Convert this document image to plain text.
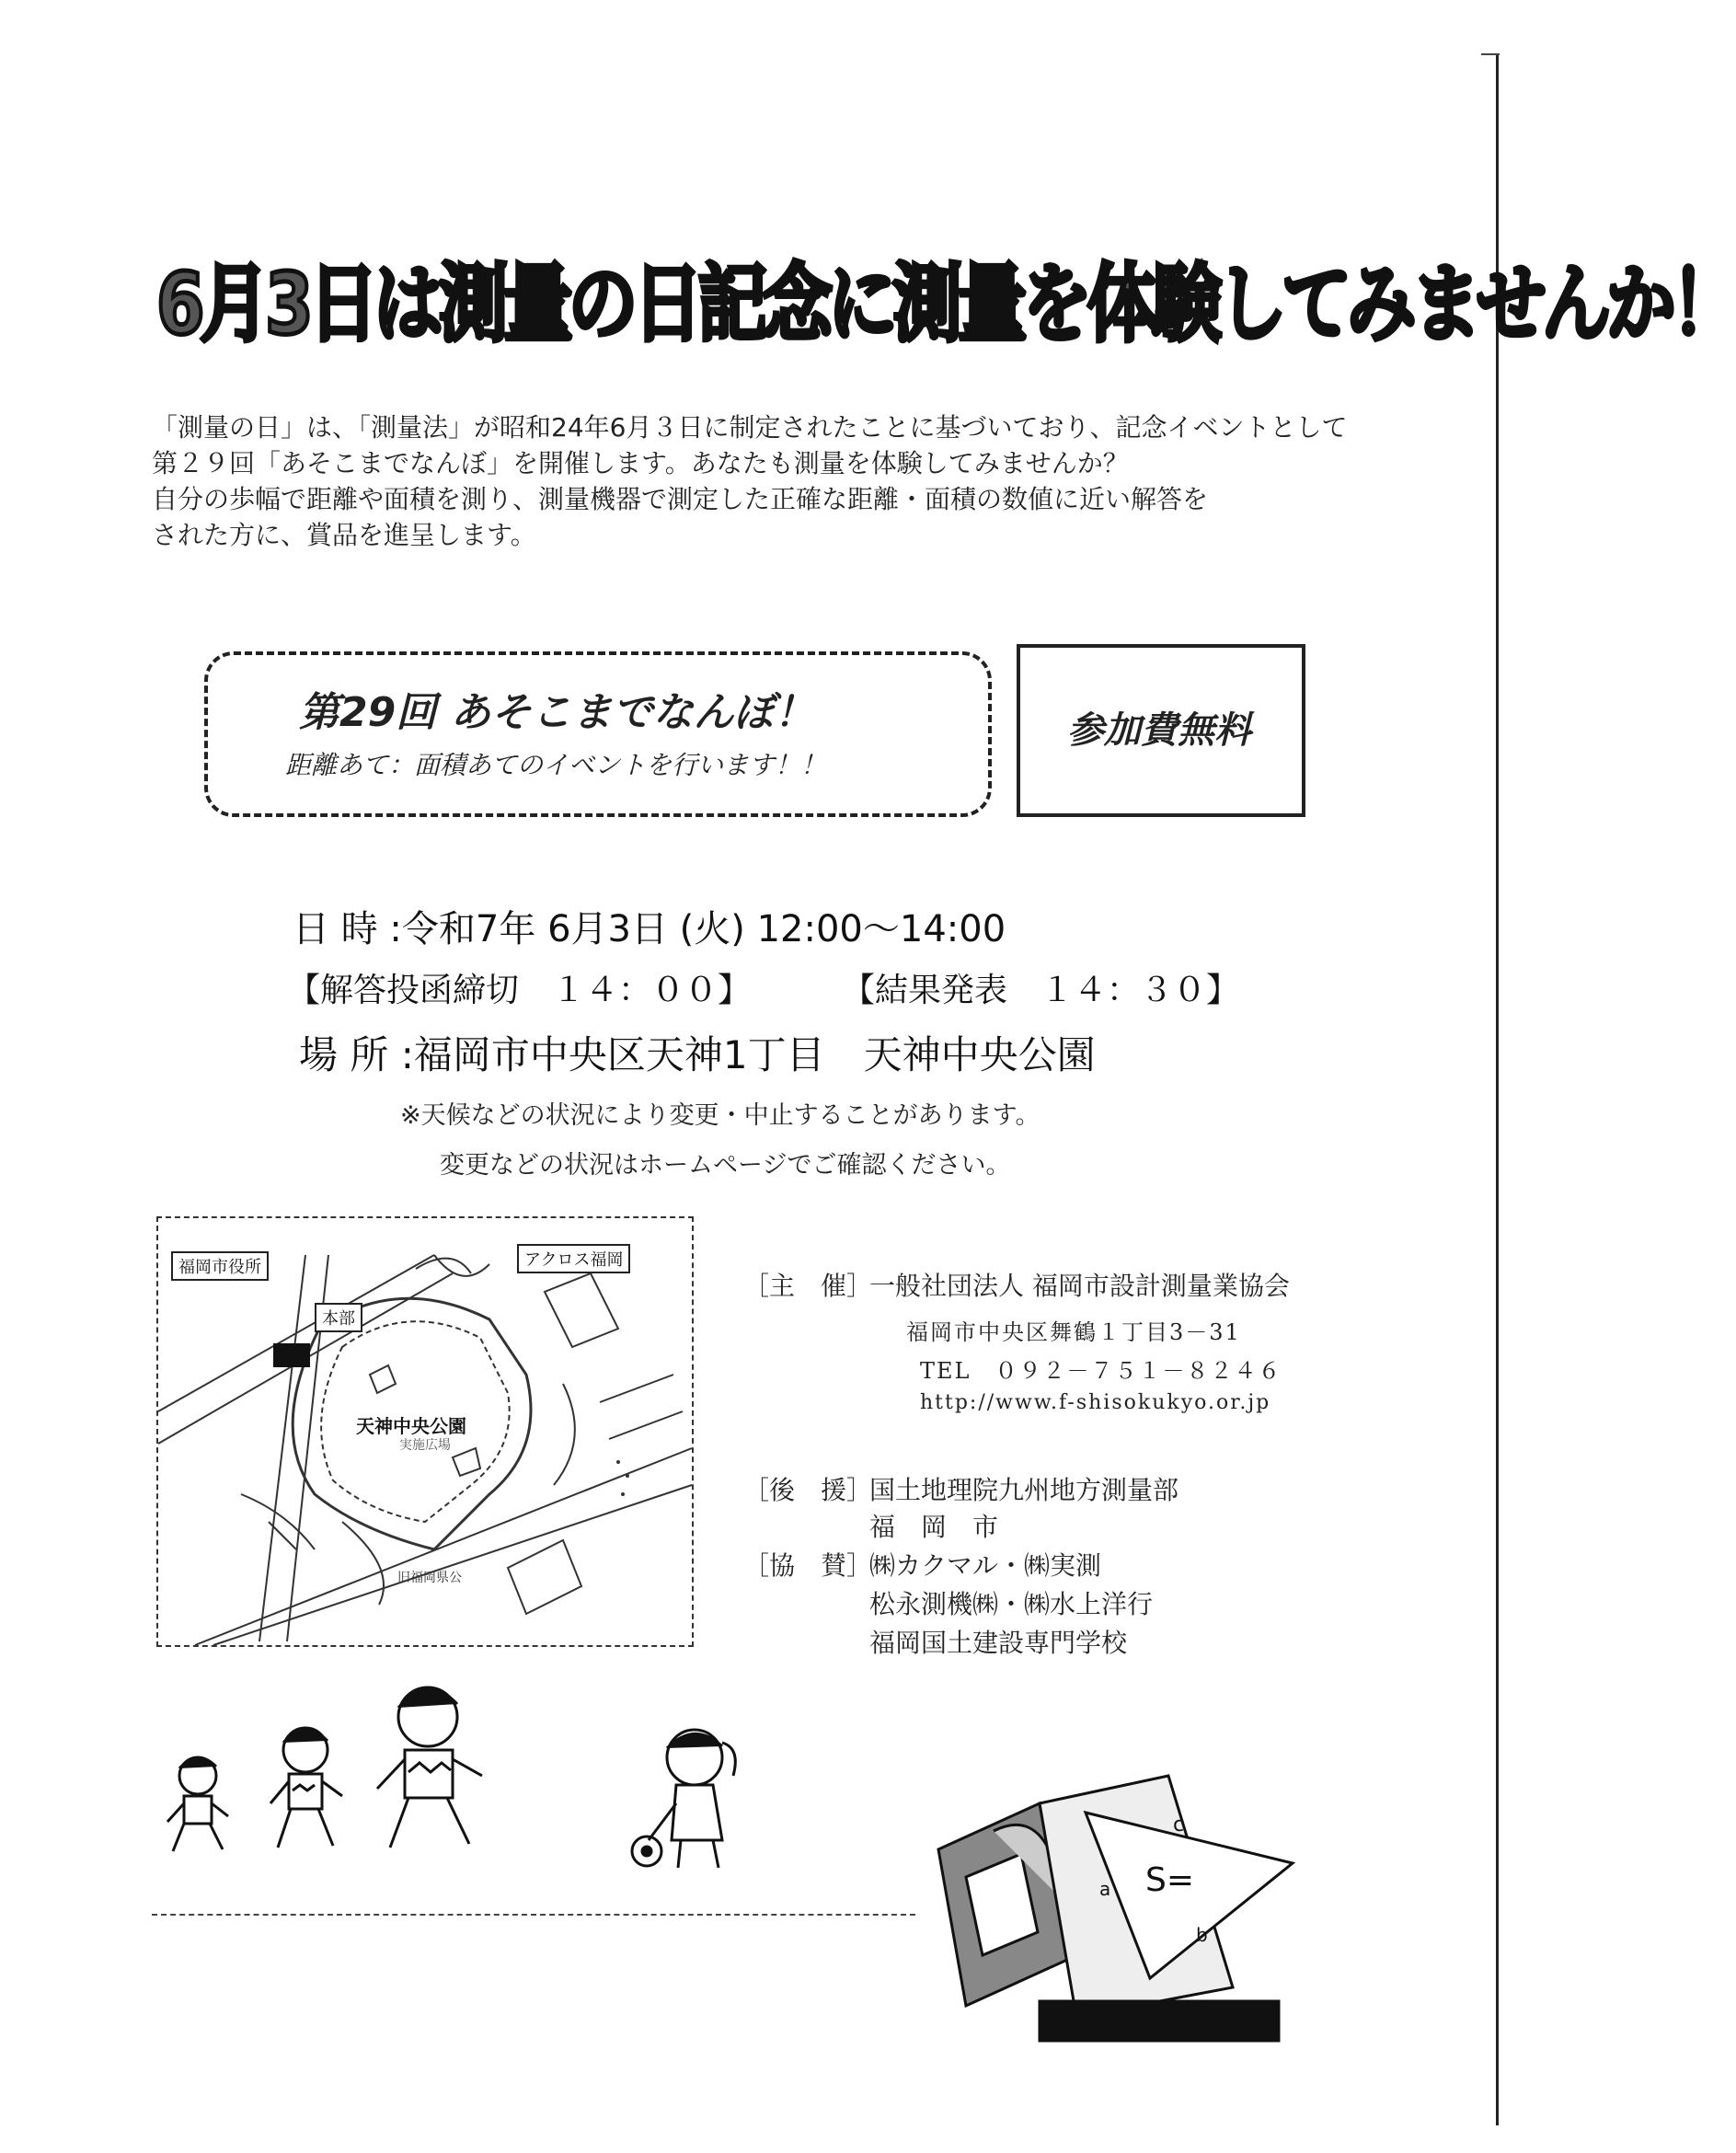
6月3日は測量の日 記念に測量を体験してみませんか！
「測量の日」は、「測量法」が昭和24年6月３日に制定されたことに基づいており、記念イベントとして
第２９回「あそこまでなんぼ」を開催します。あなたも測量を体験してみませんか？
自分の歩幅で距離や面積を測り、測量機器で測定した正確な距離・面積の数値に近い解答を
された方に、賞品を進呈します。
第29回 あそこまでなんぼ！
距離あて：面積あてのイベントを行います！！
参加費無料
日 時 :令和7年 6月3日 (火) 12:00～14:00
【解答投函締切　１４：００】	【結果発表　１４：３０】
場 所 :福岡市中央区天神1丁目　天神中央公園
※天候などの状況により変更・中止することがあります。
変更などの状況はホームページでご確認ください。
福岡市役所	アクロス福岡
本部
天神中央公園
実施広場
旧福岡県公
［主　催］
一般社団法人 福岡市設計測量業協会
福岡市中央区舞鶴１丁目3－31
TEL　０９２－７５１－８２４６
http://www.f-shisokukyo.or.jp
［後　援］
国土地理院九州地方測量部
福　岡　市
［協　賛］
㈱カクマル・㈱実測
松永測機㈱・㈱水上洋行
福岡国土建設専門学校
S=
c
a
b
